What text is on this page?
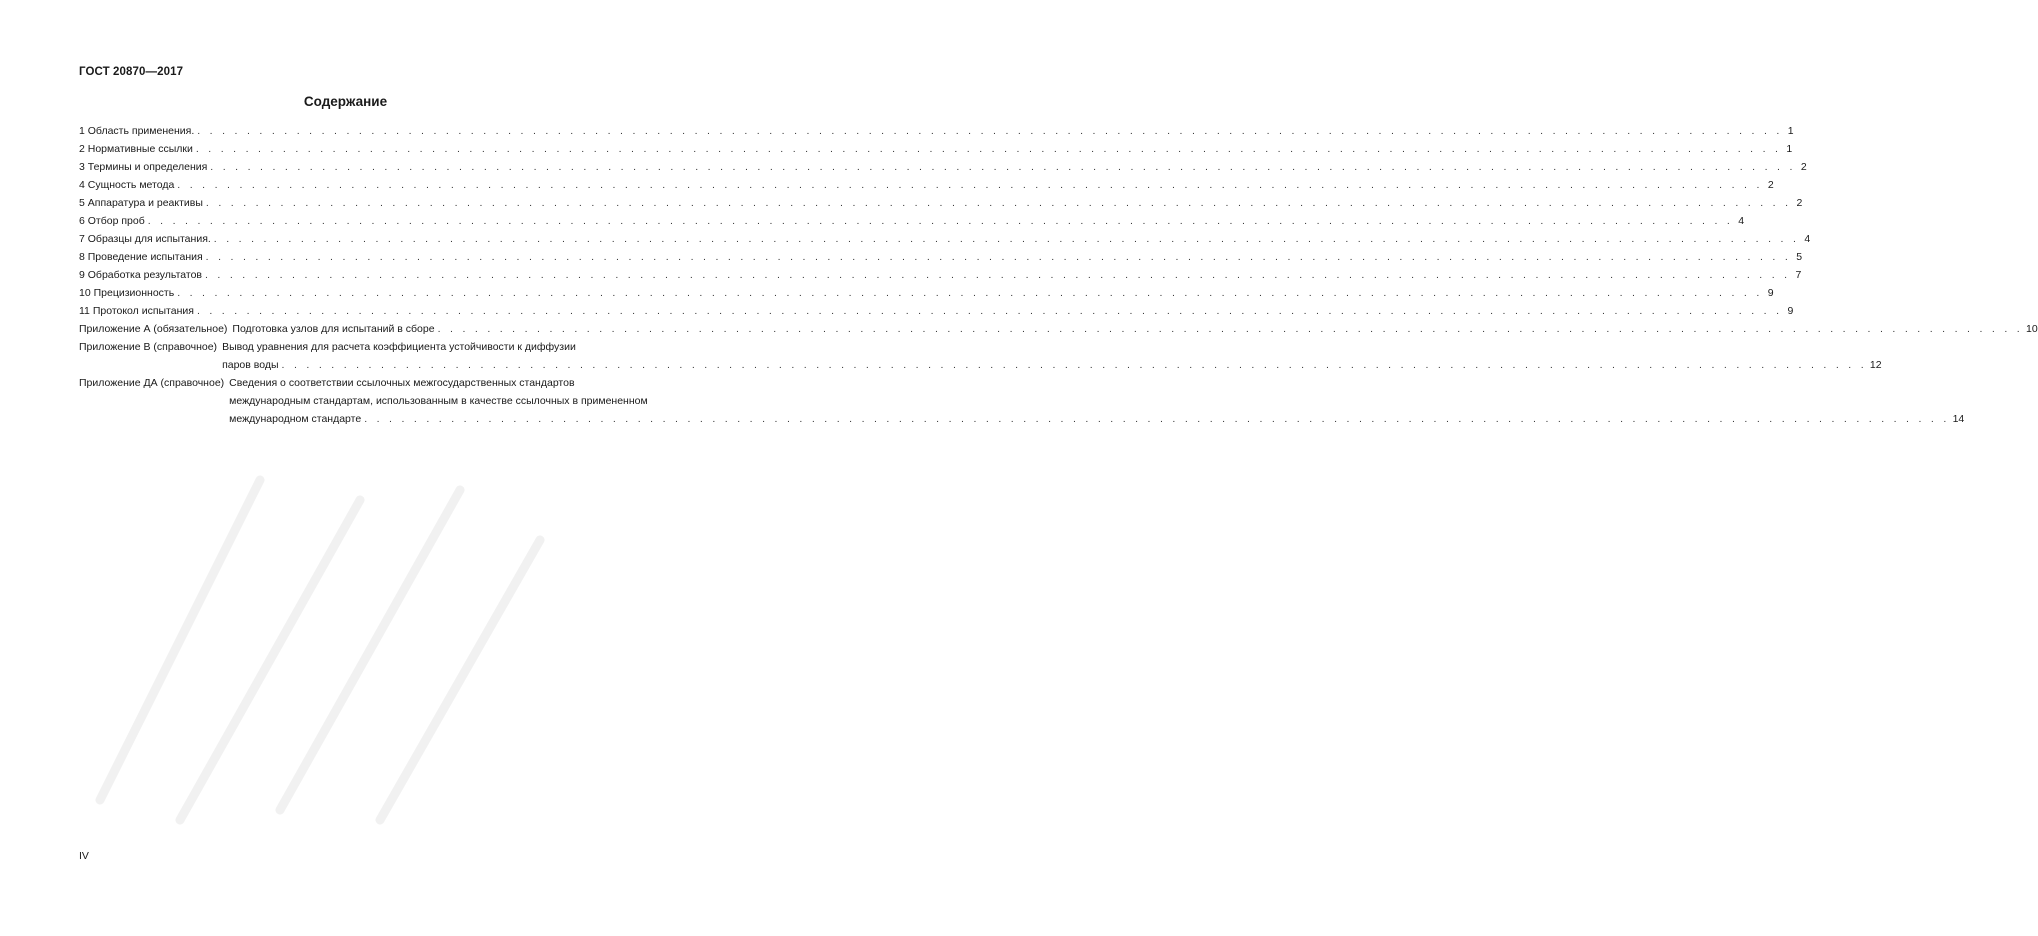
ГОСТ 20870—2017
Содержание
1 Область применения. . . .	1
2 Нормативные ссылки . . .	1
3 Термины и определения . . .	2
4 Сущность метода . . .	2
5 Аппаратура и реактивы . . .	2
6 Отбор проб . . .	4
7 Образцы для испытания. . . .	4
8 Проведение испытания . . .	5
9 Обработка результатов . . .	7
10 Прецизионность . . .	9
11 Протокол испытания . . .	9
Приложение А (обязательное) Подготовка узлов для испытаний в сборе . . .	10
Приложение В (справочное) Вывод уравнения для расчета коэффициента устойчивости к диффузии
паров воды . . .	12
Приложение ДА (справочное) Сведения о соответствии ссылочных межгосударственных стандартов
международным стандартам, использованным в качестве ссылочных в примененном
международном стандарте . . .	14
IV
